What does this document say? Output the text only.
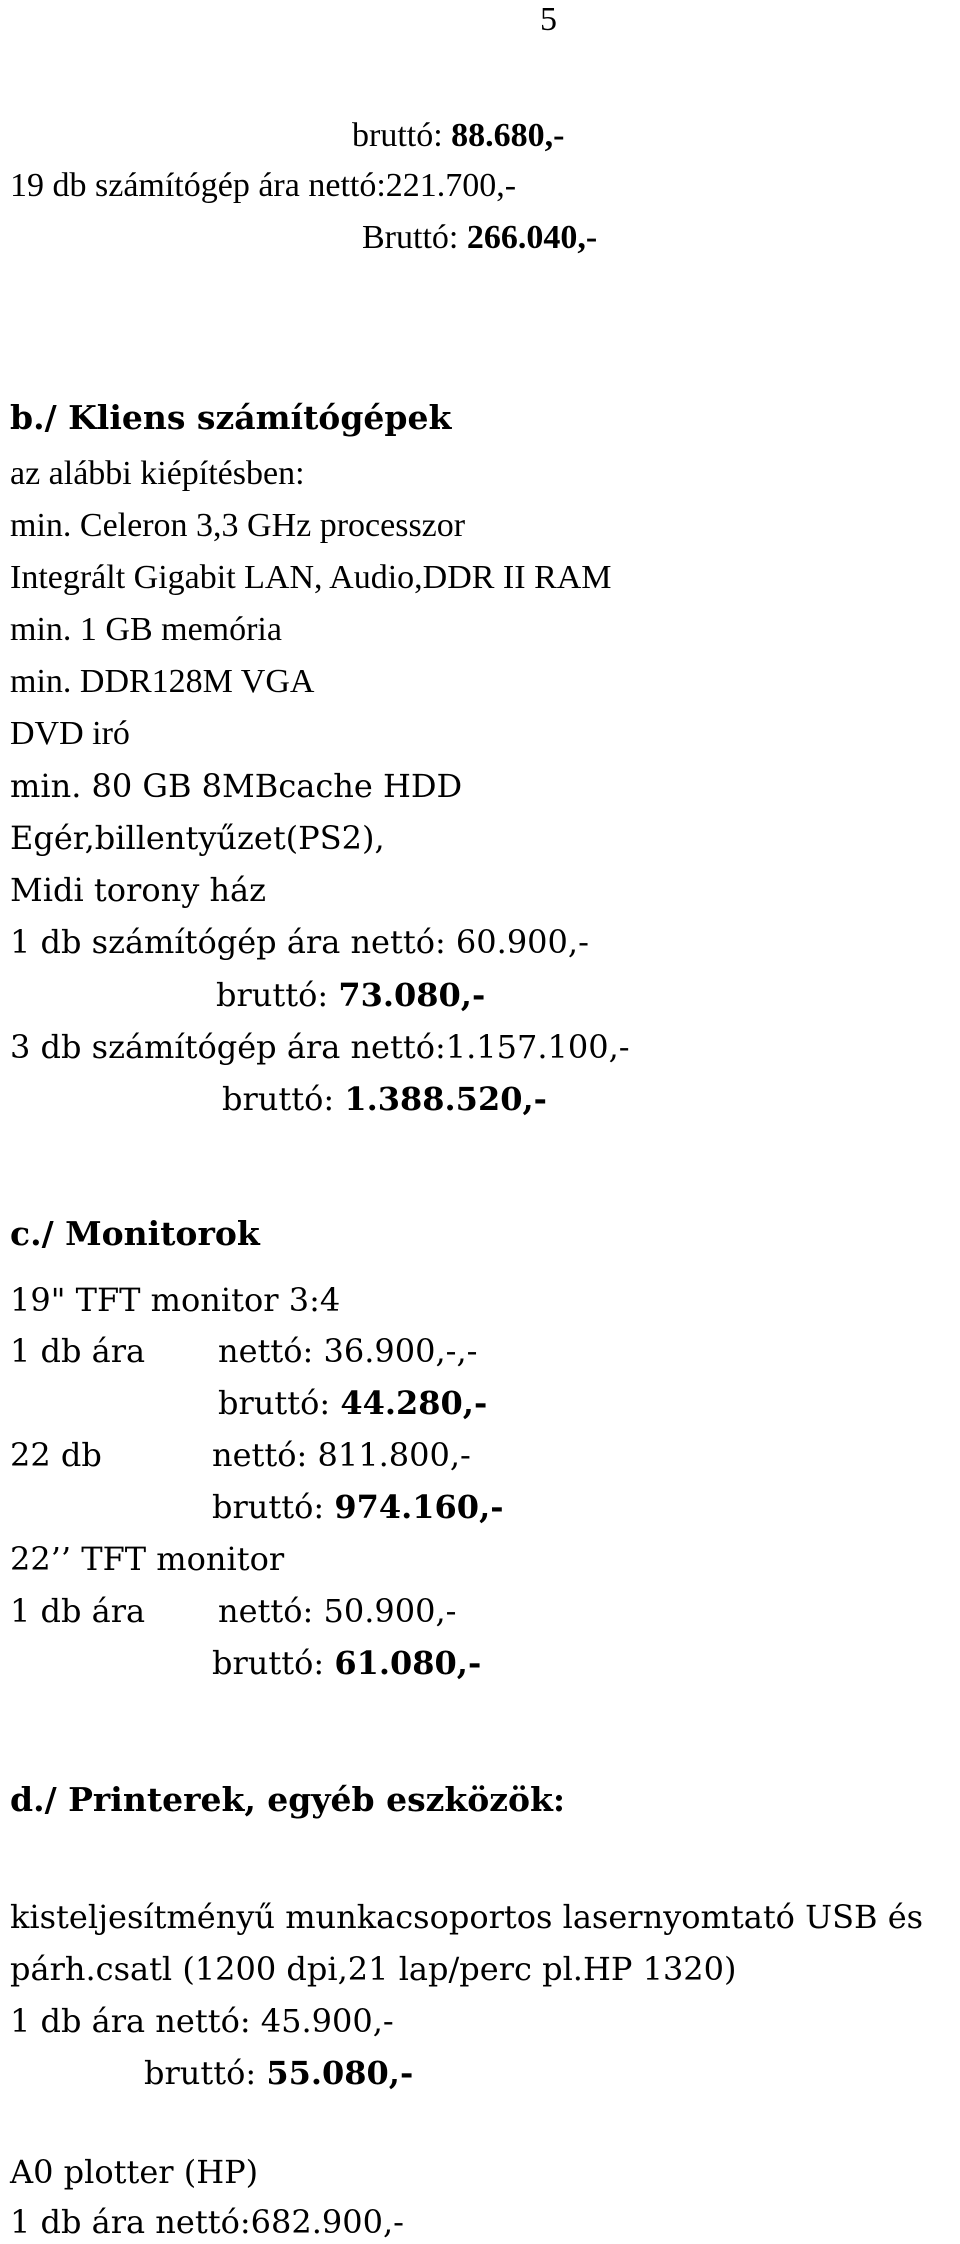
5
bruttó: 88.680,-
19 db számítógép ára nettó:221.700,-
Bruttó: 266.040,-
b./ Kliens számítógépek
az alábbi kiépítésben:
min. Celeron 3,3 GHz processzor
Integrált Gigabit LAN, Audio,DDR II RAM
min. 1 GB memória
min. DDR128M VGA
DVD iró
min. 80 GB 8MBcache HDD
Egér,billentyűzet(PS2),
Midi torony ház
1 db számítógép ára nettó: 60.900,-
bruttó: 73.080,-
3 db számítógép ára nettó:1.157.100,-
bruttó: 1.388.520,-
c./ Monitorok
19" TFT monitor 3:4
1 db ára nettó: 36.900,-,-
bruttó: 44.280,-
22 db	nettó: 811.800,-
bruttó: 974.160,-
22’’ TFT monitor
1 db ára nettó: 50.900,-
bruttó: 61.080,-
d./ Printerek, egyéb eszközök:
kisteljesítményű munkacsoportos lasernyomtató USB és
párh.csatl (1200 dpi,21 lap/perc pl.HP 1320)
1 db ára nettó: 45.900,-
bruttó: 55.080,-
A0 plotter (HP)
1 db ára nettó:682.900,-
